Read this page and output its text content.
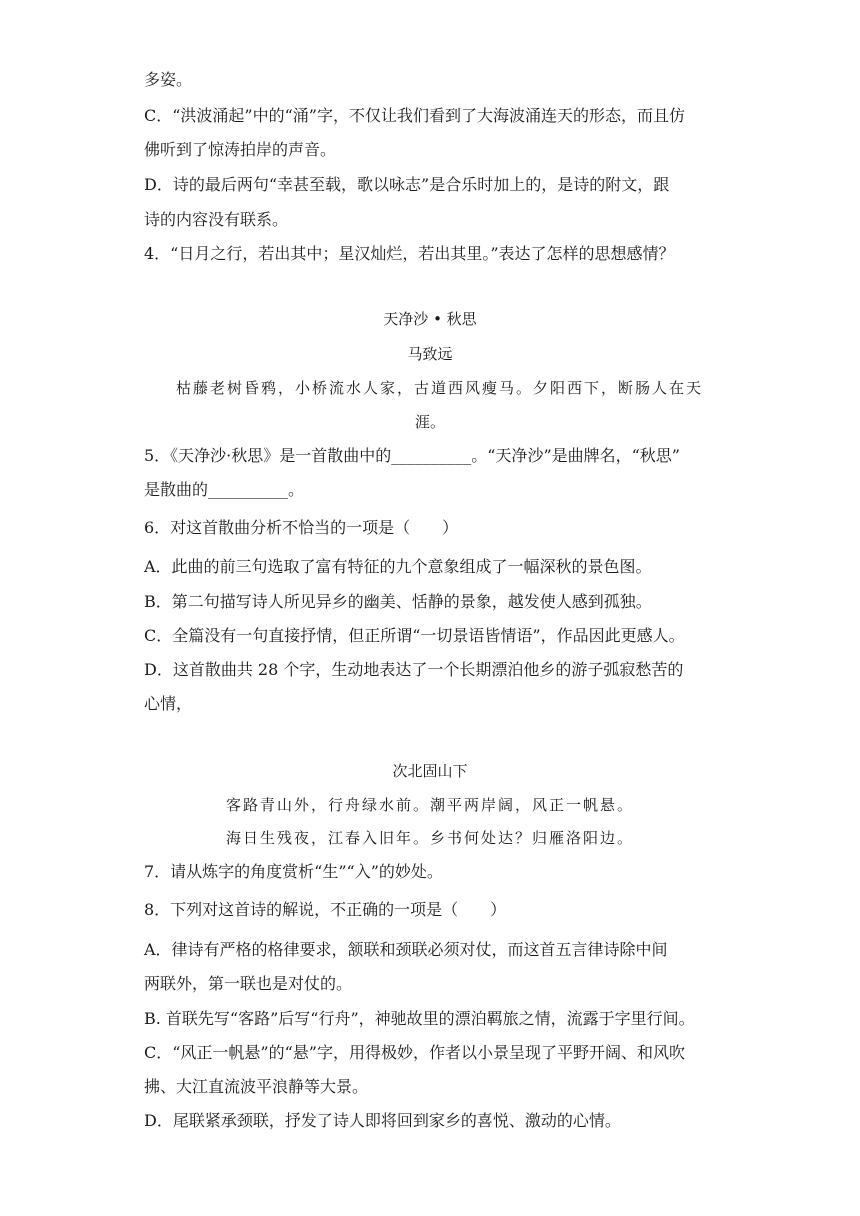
多姿。
C．“洪波涌起”中的“涌”字，不仅让我们看到了大海波涌连天的形态，而且仿
佛听到了惊涛拍岸的声音。
D．诗的最后两句“幸甚至载，歌以咏志”是合乐时加上的，是诗的附文，跟
诗的内容没有联系。
4．“日月之行，若出其中；星汉灿烂，若出其里。”表达了怎样的思想感情？
天净沙 • 秋思
马致远
枯藤老树昏鸦，小桥流水人家，古道西风瘦马。夕阳西下，断肠人在天
涯。
5．《天净沙·秋思》是一首散曲中的__________。“天净沙”是曲牌名，“秋思”
是散曲的__________。
6．对这首散曲分析不恰当的一项是（　　）
A．此曲的前三句选取了富有特征的九个意象组成了一幅深秋的景色图。
B．第二句描写诗人所见异乡的幽美、恬静的景象，越发使人感到孤独。
C．全篇没有一句直接抒情，但正所谓“一切景语皆情语”，作品因此更感人。
D．这首散曲共 28 个字，生动地表达了一个长期漂泊他乡的游子弧寂愁苦的
心情，
次北固山下
客路青山外，行舟绿水前。潮平两岸阔，风正一帆悬。
海日生残夜，江春入旧年。乡书何处达？归雁洛阳边。
7．请从炼字的角度赏析“生”“入”的妙处。
8．下列对这首诗的解说，不正确的一项是（　　）
A．律诗有严格的格律要求，颔联和颈联必须对仗，而这首五言律诗除中间
两联外，第一联也是对仗的。
B. 首联先写“客路”后写“行舟”，神驰故里的漂泊羁旅之情，流露于字里行间。
C．“风正一帆悬”的“悬”字，用得极妙，作者以小景呈现了平野开阔、和风吹
拂、大江直流波平浪静等大景。
D．尾联紧承颈联，抒发了诗人即将回到家乡的喜悦、激动的心情。
